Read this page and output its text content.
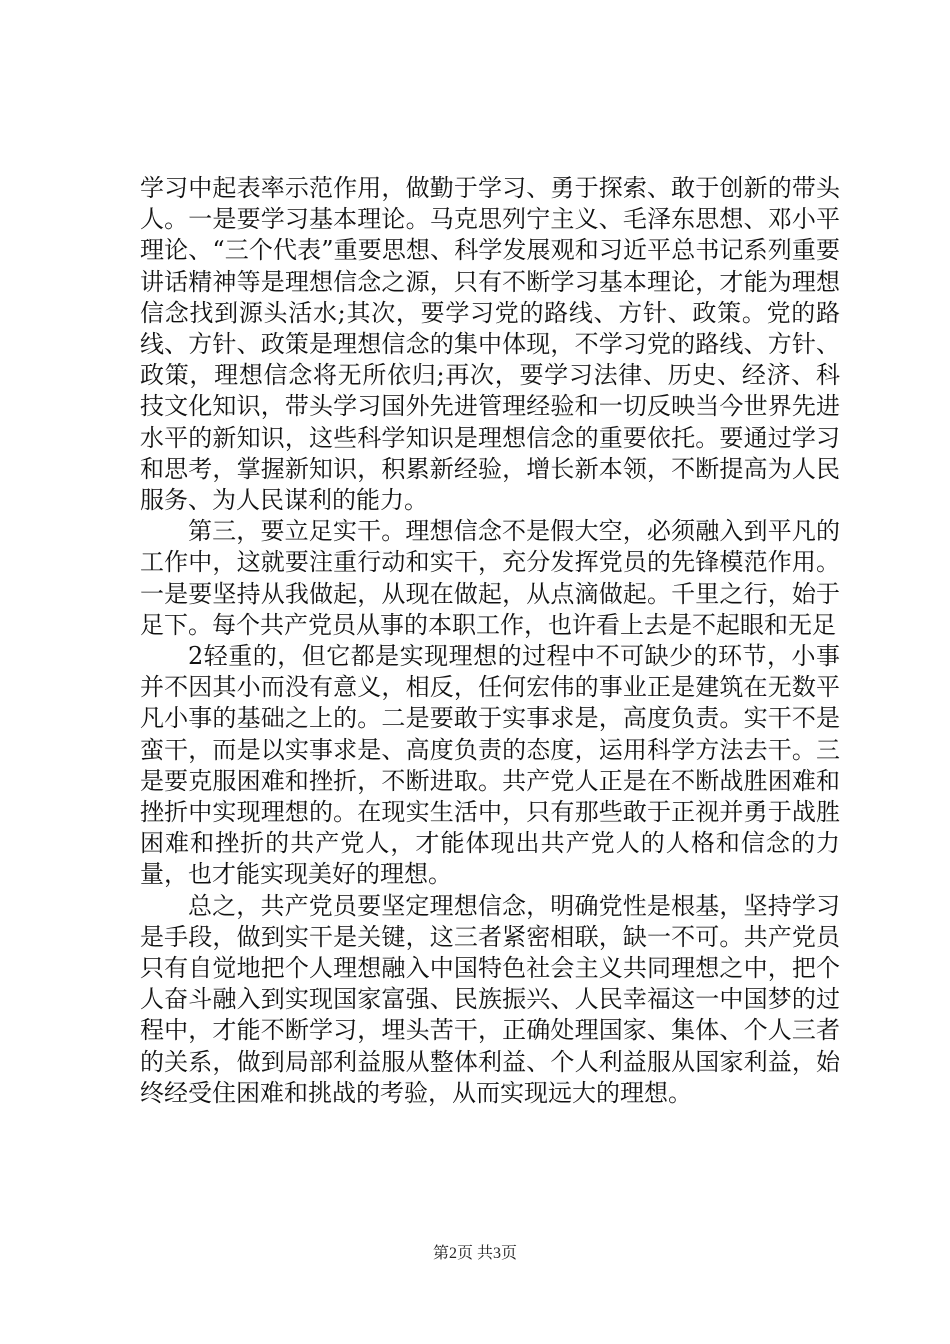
学习中起表率示范作用，做勤于学习、勇于探索、敢于创新的带头人。一是要学习基本理论。马克思列宁主义、毛泽东思想、邓小平理论、“三个代表”重要思想、科学发展观和习近平总书记系列重要讲话精神等是理想信念之源，只有不断学习基本理论，才能为理想信念找到源头活水;其次，要学习党的路线、方针、政策。党的路线、方针、政策是理想信念的集中体现，不学习党的路线、方针、政策，理想信念将无所依归;再次，要学习法律、历史、经济、科技文化知识，带头学习国外先进管理经验和一切反映当今世界先进水平的新知识，这些科学知识是理想信念的重要依托。要通过学习和思考，掌握新知识，积累新经验，增长新本领，不断提高为人民服务、为人民谋利的能力。

第三，要立足实干。理想信念不是假大空，必须融入到平凡的工作中，这就要注重行动和实干，充分发挥党员的先锋模范作用。一是要坚持从我做起，从现在做起，从点滴做起。千里之行，始于足下。每个共产党员从事的本职工作，也许看上去是不起眼和无足

2轻重的，但它都是实现理想的过程中不可缺少的环节，小事并不因其小而没有意义，相反，任何宏伟的事业正是建筑在无数平凡小事的基础之上的。二是要敢于实事求是，高度负责。实干不是蛮干，而是以实事求是、高度负责的态度，运用科学方法去干。三是要克服困难和挫折，不断进取。共产党人正是在不断战胜困难和挫折中实现理想的。在现实生活中，只有那些敢于正视并勇于战胜困难和挫折的共产党人，才能体现出共产党人的人格和信念的力量，也才能实现美好的理想。

总之，共产党员要坚定理想信念，明确党性是根基，坚持学习是手段，做到实干是关键，这三者紧密相联，缺一不可。共产党员只有自觉地把个人理想融入中国特色社会主义共同理想之中，把个人奋斗融入到实现国家富强、民族振兴、人民幸福这一中国梦的过程中，才能不断学习，埋头苦干，正确处理国家、集体、个人三者的关系，做到局部利益服从整体利益、个人利益服从国家利益，始终经受住困难和挑战的考验，从而实现远大的理想。

第2页 共3页
